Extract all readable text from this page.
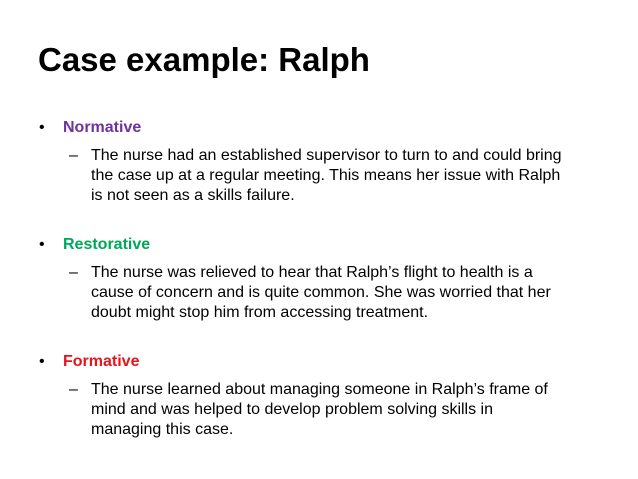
Case example: Ralph
• Normative
– The nurse had an established supervisor to turn to and could bring
the case up at a regular meeting. This means her issue with Ralph
is not seen as a skills failure.
• Restorative
– The nurse was relieved to hear that Ralph’s flight to health is a
cause of concern and is quite common. She was worried that her
doubt might stop him from accessing treatment.
• Formative
– The nurse learned about managing someone in Ralph’s frame of
mind and was helped to develop problem solving skills in
managing this case.
